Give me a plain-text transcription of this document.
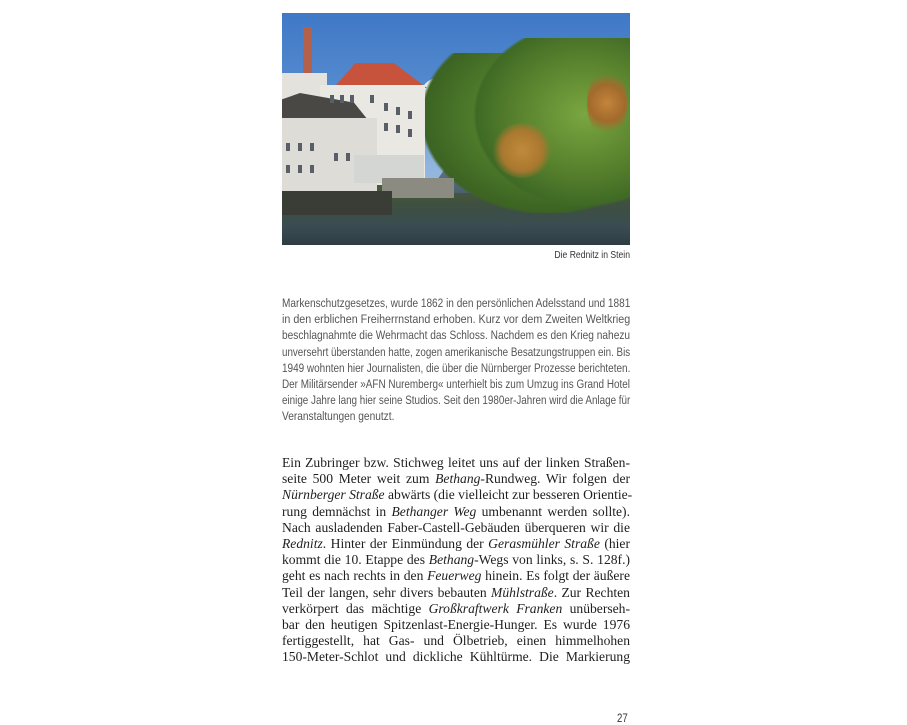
Die Rednitz in Stein
Markenschutzgesetzes, wurde 1862 in den persönlichen Adelsstand und 1881
in den erblichen Freiherrnstand erhoben. Kurz vor dem Zweiten Weltkrieg
beschlagnahmte die Wehrmacht das Schloss. Nachdem es den Krieg nahezu
unversehrt überstanden hatte, zogen amerikanische Besatzungstruppen ein. Bis
1949 wohnten hier Journalisten, die über die Nürnberger Prozesse berichteten.
Der Militärsender »AFN Nuremberg« unterhielt bis zum Umzug ins Grand Hotel
einige Jahre lang hier seine Studios. Seit den 1980er-Jahren wird die Anlage für
Veranstaltungen genutzt.
Ein Zubringer bzw. Stichweg leitet uns auf der linken Straßen-
seite 500 Meter weit zum Bethang-Rundweg. Wir folgen der
Nürnberger Straße abwärts (die vielleicht zur besseren Orientie-
rung demnächst in Bethanger Weg umbenannt werden sollte).
Nach ausladenden Faber-Castell-Gebäuden überqueren wir die
Rednitz. Hinter der Einmündung der Gerasmühler Straße (hier
kommt die 10. Etappe des Bethang-Wegs von links, s. S. 128f.)
geht es nach rechts in den Feuerweg hinein. Es folgt der äußere
Teil der langen, sehr divers bebauten Mühlstraße. Zur Rechten
verkörpert das mächtige Großkraftwerk Franken unüberseh-
bar den heutigen Spitzenlast-Energie-Hunger. Es wurde 1976
fertiggestellt, hat Gas- und Ölbetrieb, einen himmelhohen
150-Meter-Schlot und dickliche Kühltürme. Die Markierung
27
